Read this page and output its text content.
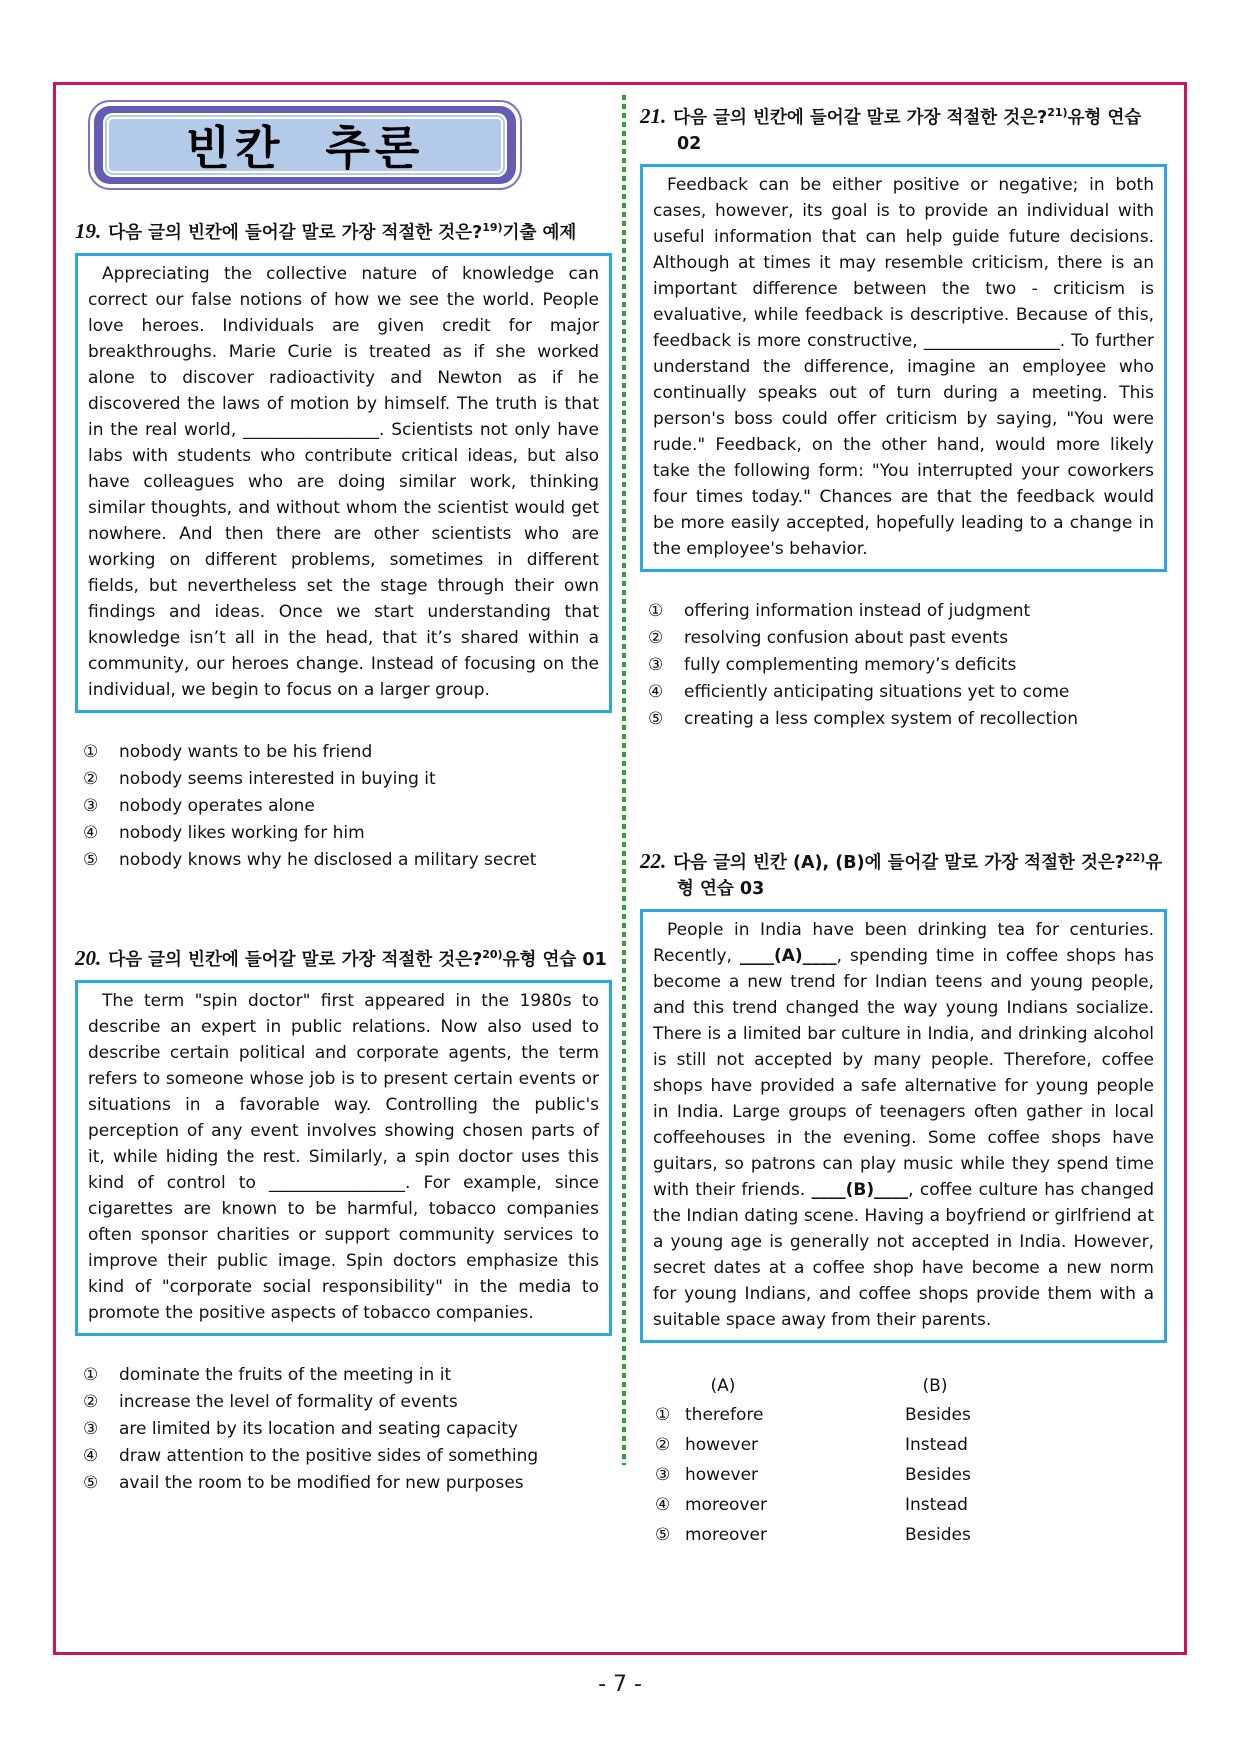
빈칸 추론
19. 다음 글의 빈칸에 들어갈 말로 가장 적절한 것은?$^{19)}$기출 예제
Appreciating the collective nature of knowledge can correct our false notions of how we see the world. People love heroes. Individuals are given credit for major breakthroughs. Marie Curie is treated as if she worked alone to discover radioactivity and Newton as if he discovered the laws of motion by himself. The truth is that in the real world, ________________. Scientists not only have labs with students who contribute critical ideas, but also have colleagues who are doing similar work, thinking similar thoughts, and without whom the scientist would get nowhere. And then there are other scientists who are working on different problems, sometimes in different fields, but nevertheless set the stage through their own findings and ideas. Once we start understanding that knowledge isn’t all in the head, that it’s shared within a community, our heroes change. Instead of focusing on the individual, we begin to focus on a larger group.
① nobody wants to be his friend
② nobody seems interested in buying it
③ nobody operates alone
④ nobody likes working for him
⑤ nobody knows why he disclosed a military secret
20. 다음 글의 빈칸에 들어갈 말로 가장 적절한 것은?$^{20)}$유형 연습 01
The term "spin doctor" first appeared in the 1980s to describe an expert in public relations. Now also used to describe certain political and corporate agents, the term refers to someone whose job is to present certain events or situations in a favorable way. Controlling the public's perception of any event involves showing chosen parts of it, while hiding the rest. Similarly, a spin doctor uses this kind of control to ________________. For example, since cigarettes are known to be harmful, tobacco companies often sponsor charities or support community services to improve their public image. Spin doctors emphasize this kind of "corporate social responsibility" in the media to promote the positive aspects of tobacco companies.
① dominate the fruits of the meeting in it
② increase the level of formality of events
③ are limited by its location and seating capacity
④ draw attention to the positive sides of something
⑤ avail the room to be modified for new purposes
21. 다음 글의 빈칸에 들어갈 말로 가장 적절한 것은?$^{21)}$유형 연습 02
Feedback can be either positive or negative; in both cases, however, its goal is to provide an individual with useful information that can help guide future decisions. Although at times it may resemble criticism, there is an important difference between the two - criticism is evaluative, while feedback is descriptive. Because of this, feedback is more constructive, ________________. To further understand the difference, imagine an employee who continually speaks out of turn during a meeting. This person's boss could offer criticism by saying, "You were rude." Feedback, on the other hand, would more likely take the following form: "You interrupted your coworkers four times today." Chances are that the feedback would be more easily accepted, hopefully leading to a change in the employee's behavior.
① offering information instead of judgment
② resolving confusion about past events
③ fully complementing memory’s deficits
④ efficiently anticipating situations yet to come
⑤ creating a less complex system of recollection
22. 다음 글의 빈칸 (A), (B)에 들어갈 말로 가장 적절한 것은?$^{22)}$유형 연습 03
People in India have been drinking tea for centuries. Recently, ____(A)____, spending time in coffee shops has become a new trend for Indian teens and young people, and this trend changed the way young Indians socialize. There is a limited bar culture in India, and drinking alcohol is still not accepted by many people. Therefore, coffee shops have provided a safe alternative for young people in India. Large groups of teenagers often gather in local coffeehouses in the evening. Some coffee shops have guitars, so patrons can play music while they spend time with their friends. ____(B)____, coffee culture has changed the Indian dating scene. Having a boyfriend or girlfriend at a young age is generally not accepted in India. However, secret dates at a coffee shop have become a new norm for young Indians, and coffee shops provide them with a suitable space away from their parents.
(A)	(B)
① therefore	Besides
② however	Instead
③ however	Besides
④ moreover	Instead
⑤ moreover	Besides
- 7 -
